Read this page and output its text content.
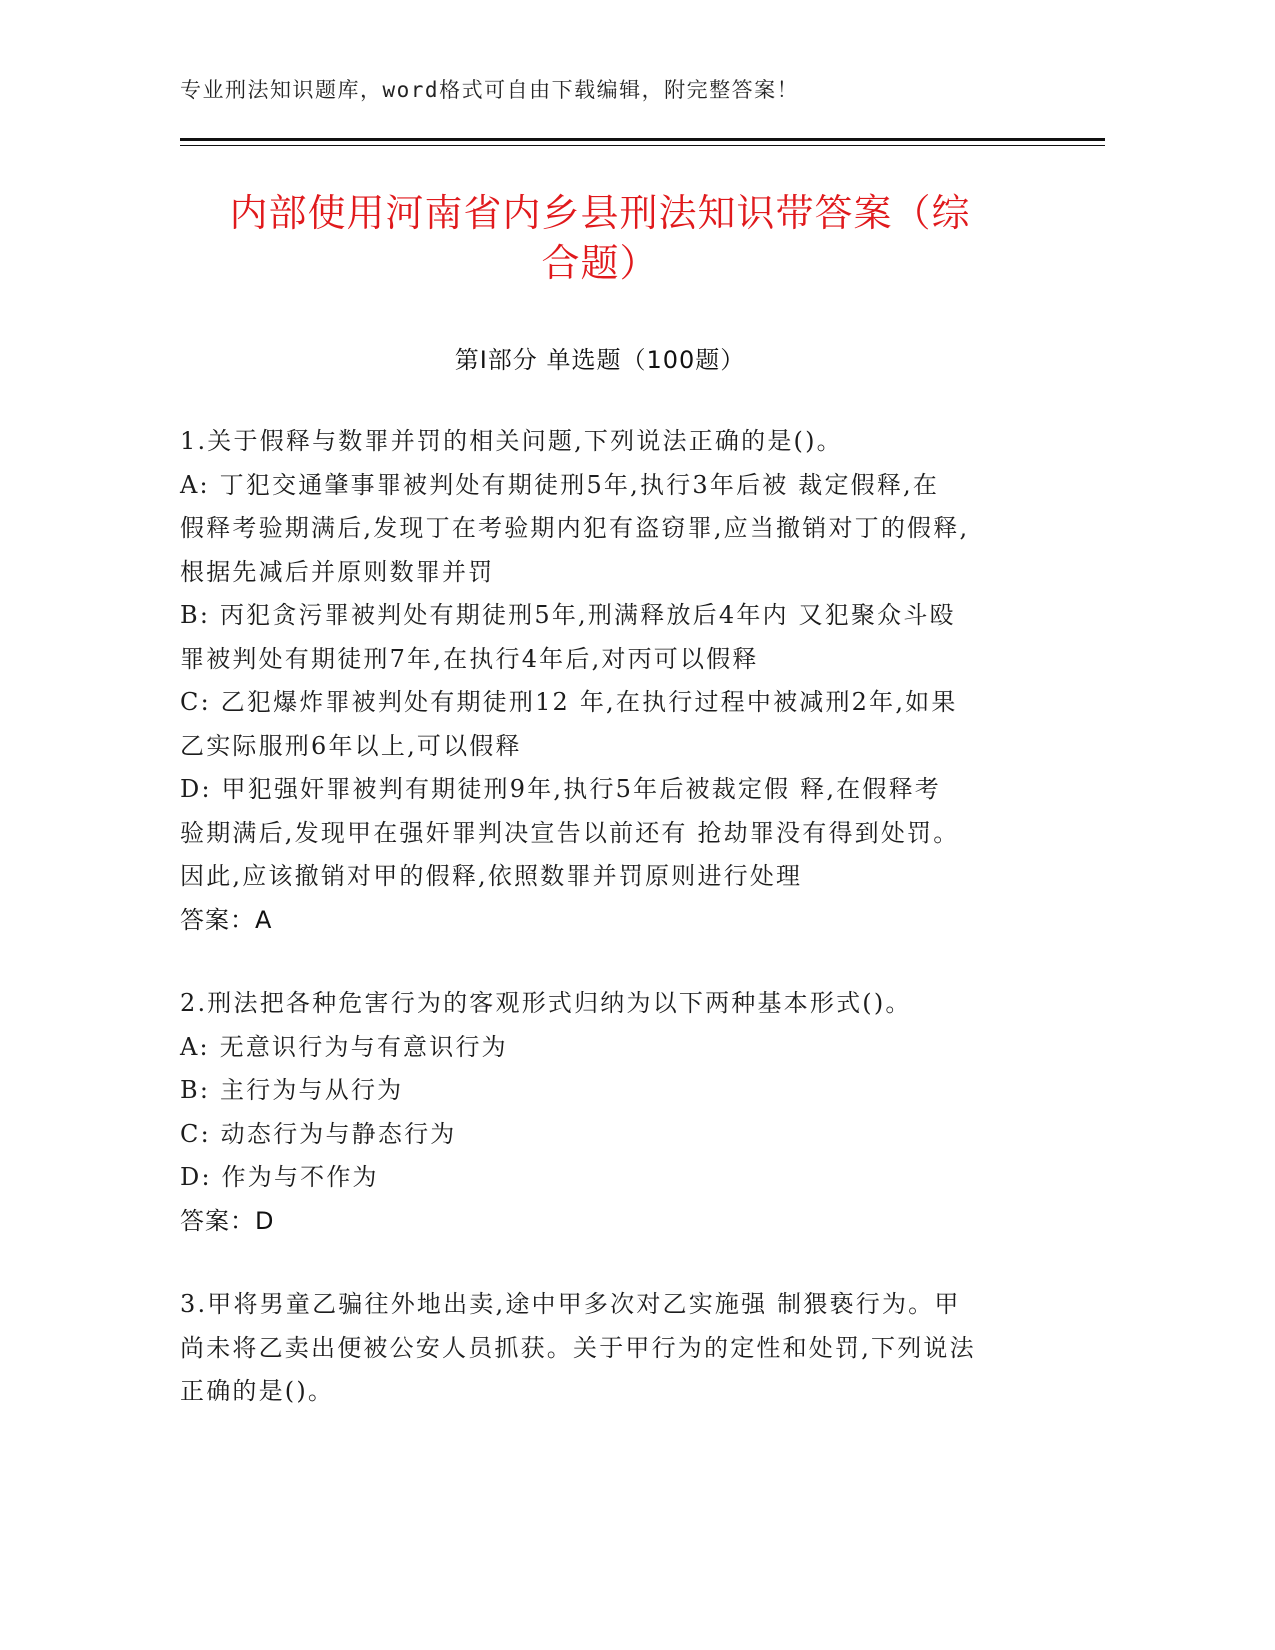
专业刑法知识题库，word格式可自由下载编辑，附完整答案！
内部使用河南省内乡县刑法知识带答案（综
合题）
第Ⅰ部分 单选题（100题）

1.关于假释与数罪并罚的相关问题,下列说法正确的是()。

A: 丁犯交通肇事罪被判处有期徒刑5年,执行3年后被 裁定假释,在

假释考验期满后,发现丁在考验期内犯有盗窃罪,应当撤销对丁的假释,

根据先减后并原则数罪并罚

B: 丙犯贪污罪被判处有期徒刑5年,刑满释放后4年内 又犯聚众斗殴

罪被判处有期徒刑7年,在执行4年后,对丙可以假释

C: 乙犯爆炸罪被判处有期徒刑12 年,在执行过程中被减刑2年,如果

乙实际服刑6年以上,可以假释

D: 甲犯强奸罪被判有期徒刑9年,执行5年后被裁定假 释,在假释考

验期满后,发现甲在强奸罪判决宣告以前还有 抢劫罪没有得到处罚。

因此,应该撤销对甲的假释,依照数罪并罚原则进行处理

答案：A

2.刑法把各种危害行为的客观形式归纳为以下两种基本形式()。

A: 无意识行为与有意识行为

B: 主行为与从行为

C: 动态行为与静态行为

D: 作为与不作为

答案：D

3.甲将男童乙骗往外地出卖,途中甲多次对乙实施强 制猥亵行为。甲

尚未将乙卖出便被公安人员抓获。关于甲行为的定性和处罚,下列说法

正确的是()。
